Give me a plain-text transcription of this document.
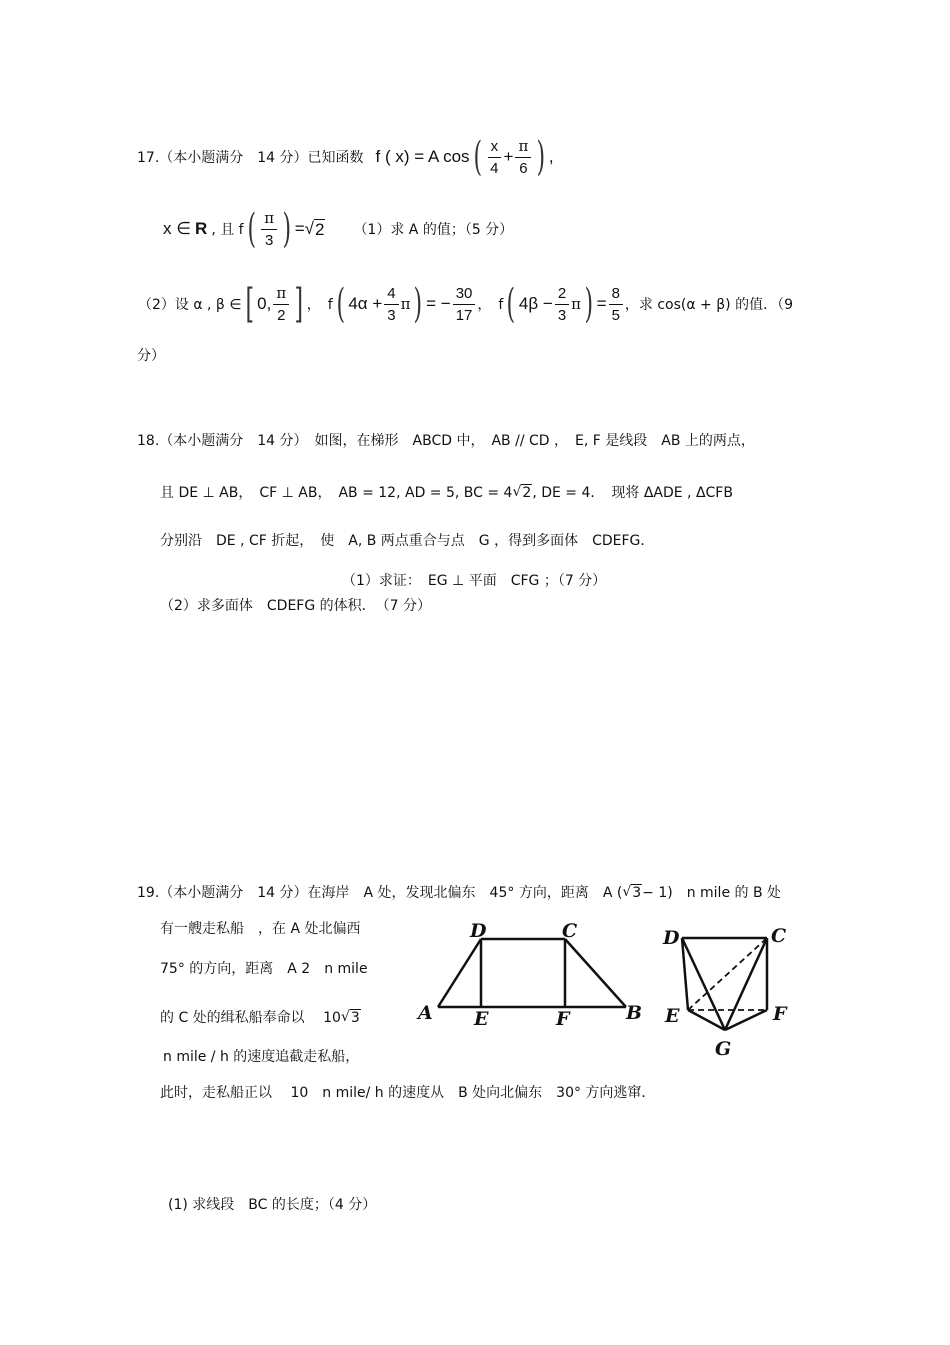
17.（本小题满分　14 分）已知函数 f ( x) = A cos ( $\frac{x}{4} + \frac{\pi}{6}$ ) ,
x ∈ R , 且 f ( $\frac{\pi}{3}$ ) = √ 2 （1）求 A 的值；（5 分）
（2）设 α , β ∈ [ 0, $\frac{\pi}{2}$ ] ，　f ( $4\alpha + \frac{4}{3}$ π ) = − $\frac{30}{17}$ ，　f ( $4\beta - \frac{2}{3}$ π ) = $\frac{8}{5}$ ，求 cos(α + β) 的值．（9
分）
18.（本小题满分　14 分）　如图，在梯形　ABCD 中，　AB // CD ，　E, F 是线段　AB 上的两点，
且 DE ⊥ AB，　CF ⊥ AB，　AB = 12, AD = 5, BC = 4 √ 2 , DE = 4．　现将 ΔADE , ΔCFB
分别沿　DE , CF 折起，　使　A, B 两点重合与点　G ，得到多面体　CDEFG．
（1）求证：　EG ⊥ 平面　CFG ；（7 分）
（2）求多面体　CDEFG 的体积．　（7 分）
19.（本小题满分　14 分）在海岸　A 处，发现北偏东　45° 方向，距离　A ( √ 3 − 1)　n mile 的 B 处
有一艘走私船　，在 A 处北偏西
75° 的方向，距离　A 2　n mile
的 C 处的缉私船奉命以　 10 √ 3
n mile / h 的速度追截走私船，
此时，走私船正以　 10　n mile/ h 的速度从　B 处向北偏东　30° 方向逃窜．
(1) 求线段　BC 的长度；（4 分）
D	C
A E	F	B
D	C
E	F
G
